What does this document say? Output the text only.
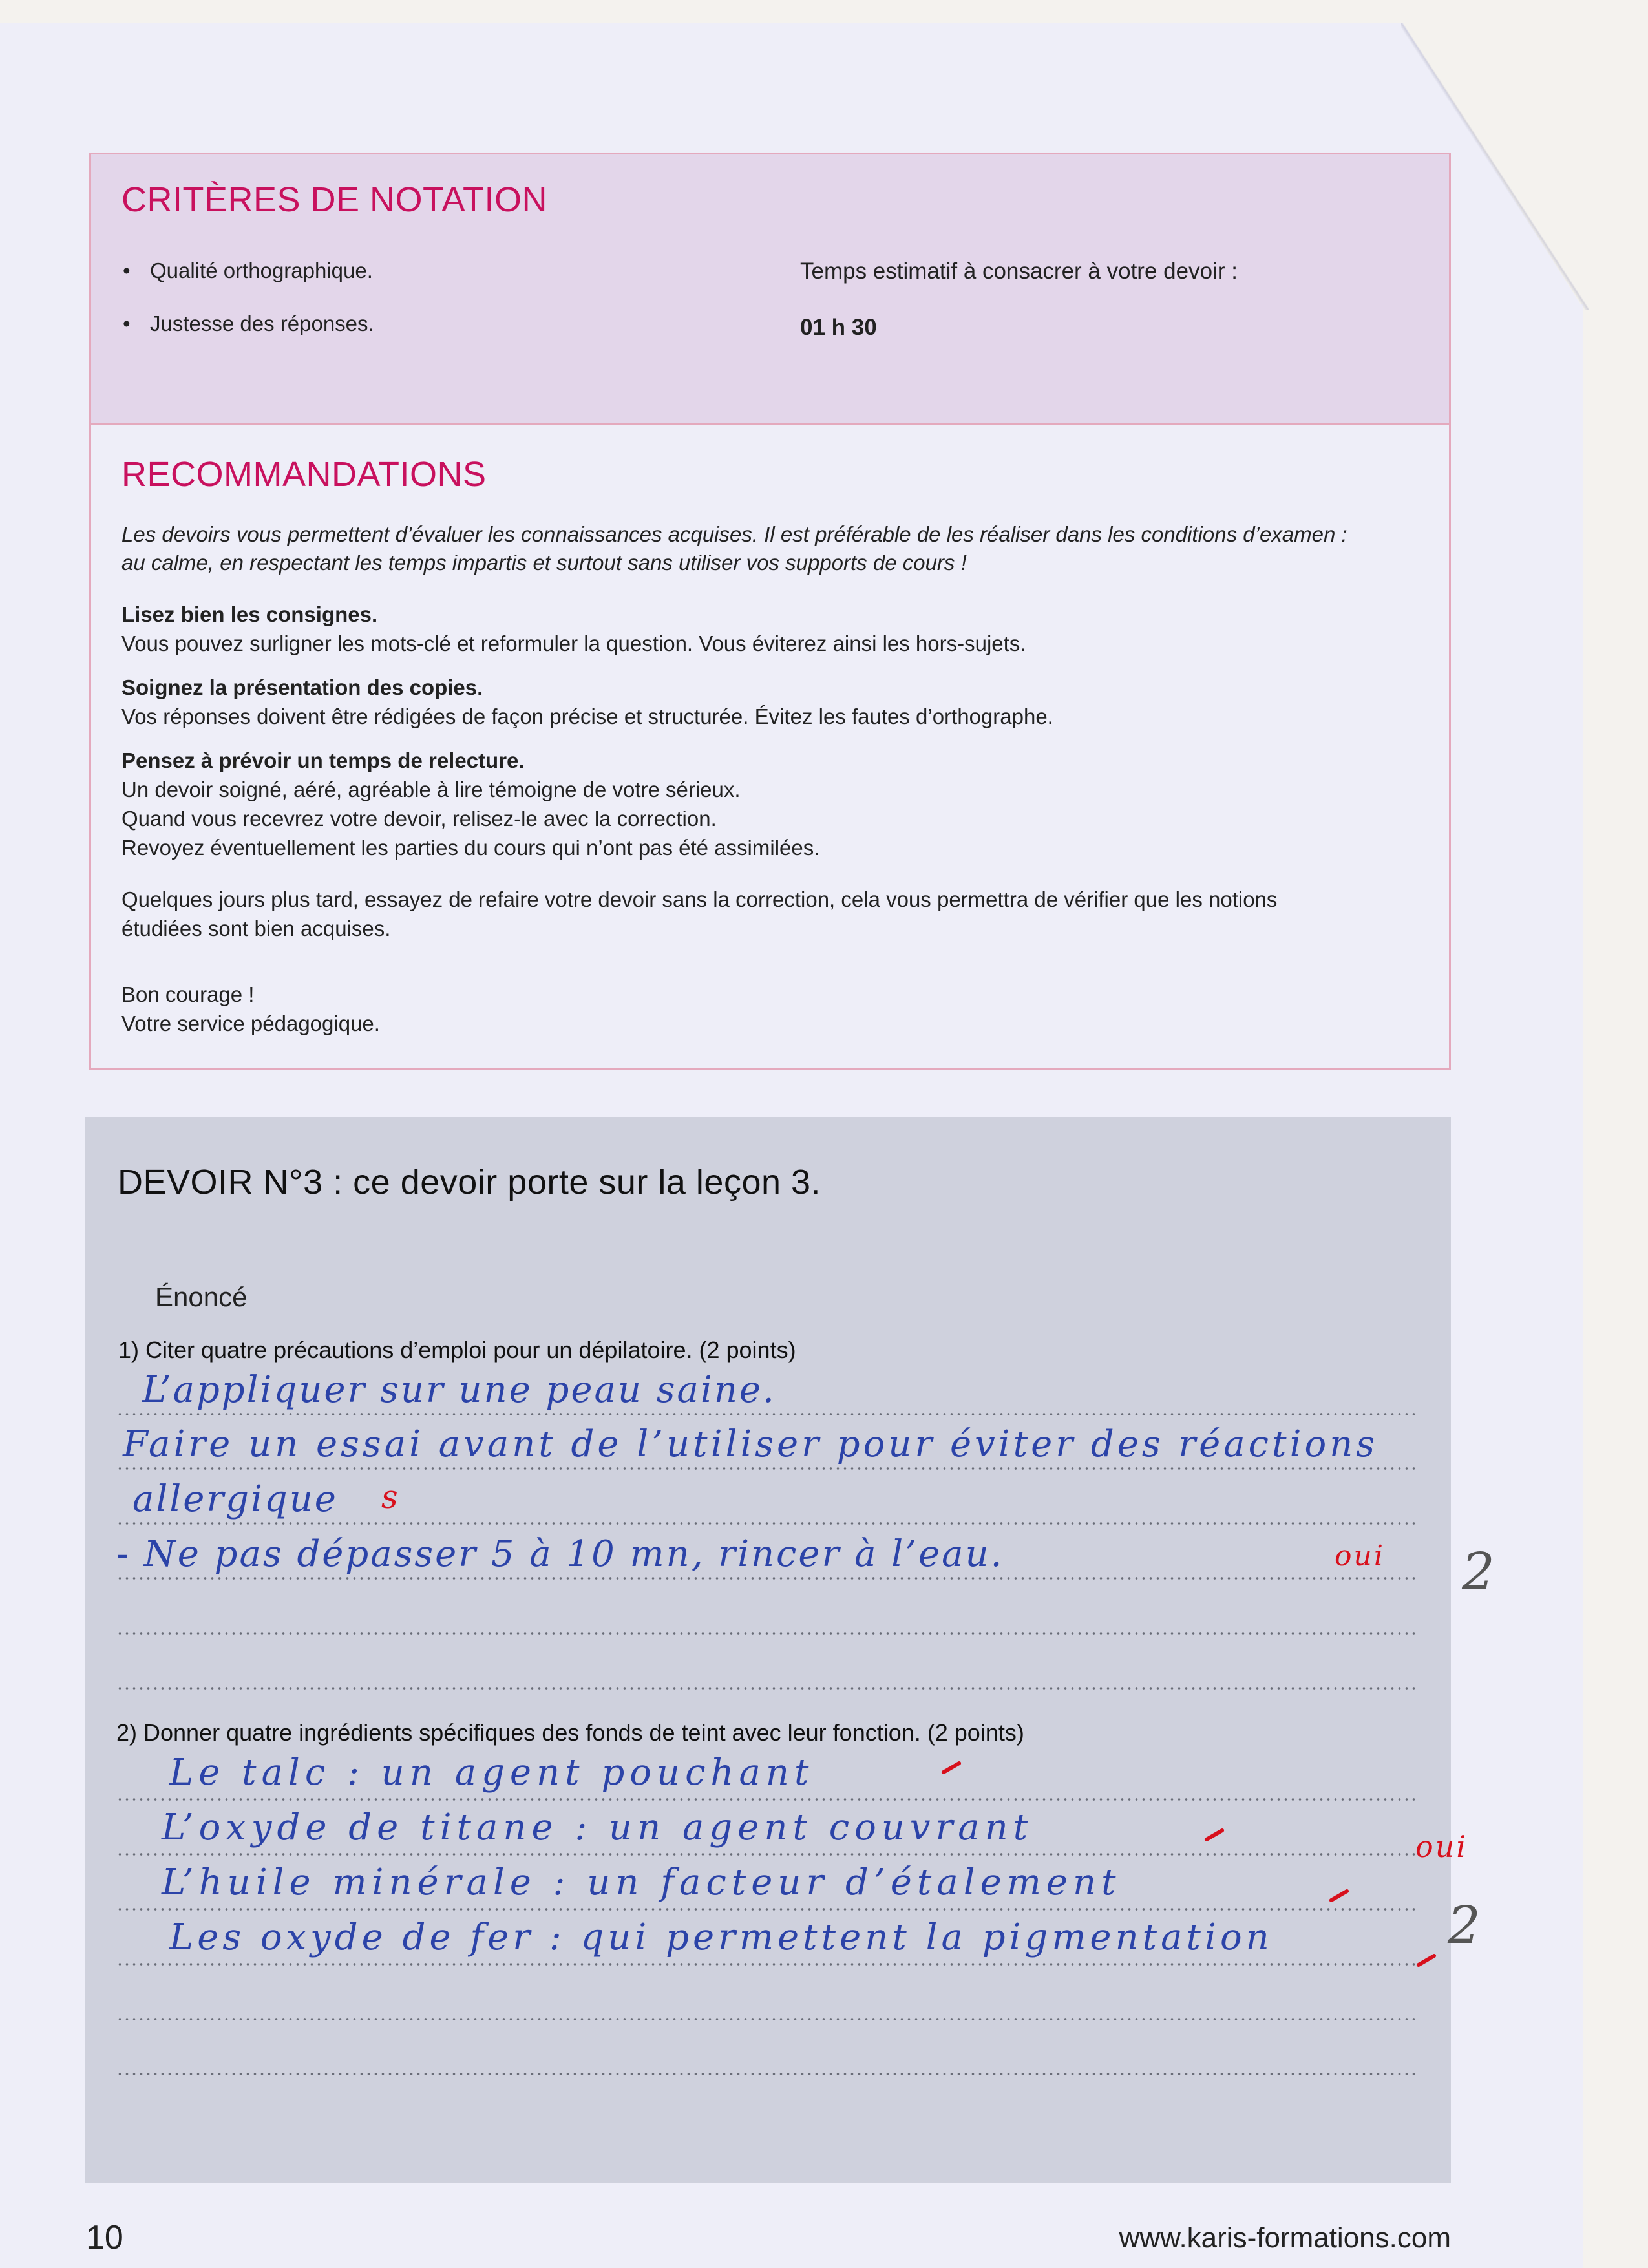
CRITÈRES DE NOTATION
• Qualité orthographique.
• Justesse des réponses.
Temps estimatif à consacrer à votre devoir :
01 h 30
RECOMMANDATIONS
Les devoirs vous permettent d’évaluer les connaissances acquises. Il est préférable de les réaliser dans les conditions d’examen :
au calme, en respectant les temps impartis et surtout sans utiliser vos supports de cours !
Lisez bien les consignes.
Vous pouvez surligner les mots-clé et reformuler la question. Vous éviterez ainsi les hors-sujets.
Soignez la présentation des copies.
Vos réponses doivent être rédigées de façon précise et structurée. Évitez les fautes d’orthographe.
Pensez à prévoir un temps de relecture.
Un devoir soigné, aéré, agréable à lire témoigne de votre sérieux.
Quand vous recevrez votre devoir, relisez-le avec la correction.
Revoyez éventuellement les parties du cours qui n’ont pas été assimilées.
Quelques jours plus tard, essayez de refaire votre devoir sans la correction, cela vous permettra de vérifier que les notions
étudiées sont bien acquises.
Bon courage !
Votre service pédagogique.
DEVOIR N°3 : ce devoir porte sur la leçon 3.
Énoncé
1) Citer quatre précautions d’emploi pour un dépilatoire. (2 points)
L’appliquer sur une peau saine.
Faire un essai avant de l’utiliser pour éviter des réactions
allergique s
- Ne pas dépasser 5 à 10 mn, rincer à l’eau.	oui 2
2) Donner quatre ingrédients spécifiques des fonds de teint avec leur fonction. (2 points)
Le talc : un agent pouchant
L’oxyde de titane : un agent couvrant	oui
L’huile minérale : un facteur d’étalement
2
Les oxyde de fer : qui permettent la pigmentation
10	www.karis-formations.com
